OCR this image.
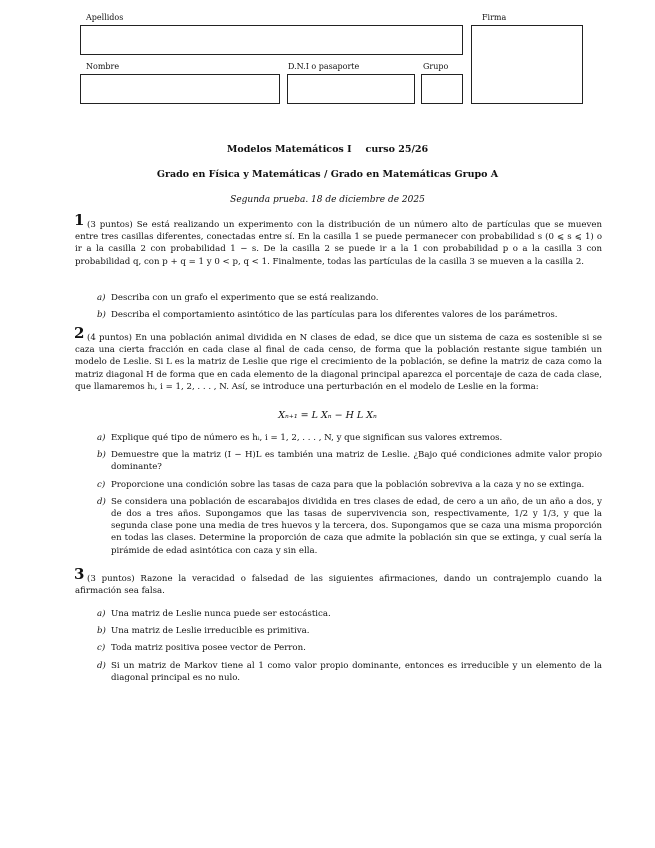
Apellidos	Firma
Nombre	D.N.I o pasaporte	Grupo
Modelos Matemáticos I curso 25/26
Grado en Física y Matemáticas / Grado en Matemáticas Grupo A
Segunda prueba. 18 de diciembre de 2025
1 (3 puntos) Se está realizando un experimento con la distribución de un número alto de partículas que se mueven entre tres casillas diferentes, conectadas entre sí. En la casilla 1 se puede permanecer con probabilidad s (0 ⩽ s ⩽ 1) o ir a la casilla 2 con probabilidad 1 − s. De la casilla 2 se puede ir a la 1 con probabilidad p o a la casilla 3 con probabilidad q, con p + q = 1 y 0 < p, q < 1. Finalmente, todas las partículas de la casilla 3 se mueven a la casilla 2.

a) Describa con un grafo el experimento que se está realizando.
b) Describa el comportamiento asintótico de las partículas para los diferentes valores de los parámetros.
2 (4 puntos) En una población animal dividida en N clases de edad, se dice que un sistema de caza es sostenible si se caza una cierta fracción en cada clase al final de cada censo, de forma que la población restante sigue también un modelo de Leslie. Si L es la matriz de Leslie que rige el crecimiento de la población, se define la matriz de caza como la matriz diagonal H de forma que en cada elemento de la diagonal principal aparezca el porcentaje de caza de cada clase, que llamaremos hᵢ, i = 1, 2, . . . , N. Así, se introduce una perturbación en el modelo de Leslie en la forma:

Xₙ₊₁ = L Xₙ − H L Xₙ
a) Explique qué tipo de número es hᵢ, i = 1, 2, . . . , N, y que significan sus valores extremos.
b) Demuestre que la matriz (I − H)L es también una matriz de Leslie. ¿Bajo qué condiciones admite valor propio dominante?
c) Proporcione una condición sobre las tasas de caza para que la población sobreviva a la caza y no se extinga.
d) Se considera una población de escarabajos dividida en tres clases de edad, de cero a un año, de un año a dos, y de dos a tres años. Supongamos que las tasas de supervivencia son, respectivamente, 1/2 y 1/3, y que la segunda clase pone una media de tres huevos y la tercera, dos. Supongamos que se caza una misma proporción en todas las clases. Determine la proporción de caza que admite la población sin que se extinga, y cual sería la pirámide de edad asintótica con caza y sin ella.
3 (3 puntos) Razone la veracidad o falsedad de las siguientes afirmaciones, dando un contrajemplo cuando la afirmación sea falsa.

a) Una matriz de Leslie nunca puede ser estocástica.
b) Una matriz de Leslie irreducible es primitiva.
c) Toda matriz positiva posee vector de Perron.
d) Si un matriz de Markov tiene al 1 como valor propio dominante, entonces es irreducible y un elemento de la diagonal principal es no nulo.
